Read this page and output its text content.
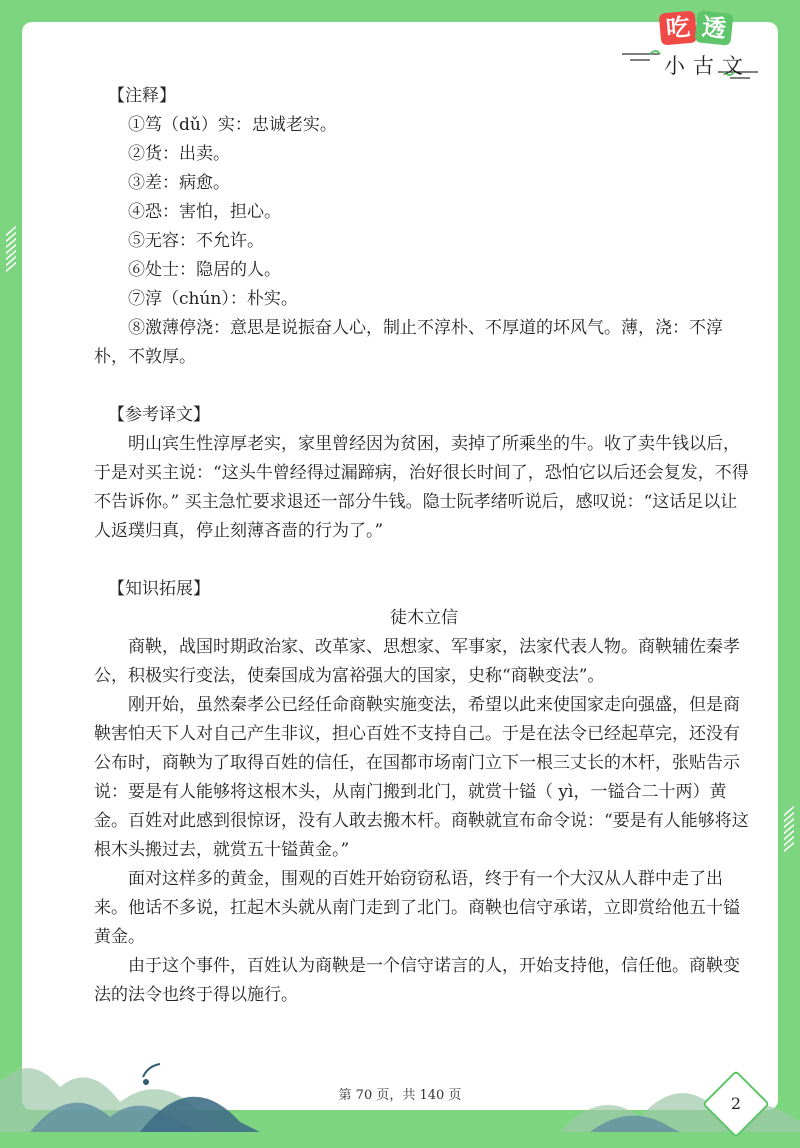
吃 透
小古文

【注释】

①笃（dǔ）实：忠诚老实。

②货：出卖。

③差：病愈。

④恐：害怕，担心。

⑤无容：不允许。

⑥处士：隐居的人。

⑦淳（chún）：朴实。

⑧激薄停浇：意思是说振奋人心，制止不淳朴、不厚道的坏风气。薄，浇：不淳朴，不敦厚。

【参考译文】

明山宾生性淳厚老实，家里曾经因为贫困，卖掉了所乘坐的牛。收了卖牛钱以后，于是对买主说：“这头牛曾经得过漏蹄病，治好很长时间了，恐怕它以后还会复发，不得不告诉你。” 买主急忙要求退还一部分牛钱。隐士阮孝绪听说后，感叹说：“这话足以让人返璞归真，停止刻薄吝啬的行为了。”

【知识拓展】

徒木立信

商鞅，战国时期政治家、改革家、思想家、军事家，法家代表人物。商鞅辅佐秦孝公，积极实行变法，使秦国成为富裕强大的国家，史称“商鞅变法”。

刚开始，虽然秦孝公已经任命商鞅实施变法，希望以此来使国家走向强盛，但是商鞅害怕天下人对自己产生非议，担心百姓不支持自己。于是在法令已经起草完，还没有公布时，商鞅为了取得百姓的信任，在国都市场南门立下一根三丈长的木杆，张贴告示说：要是有人能够将这根木头，从南门搬到北门，就赏十镒（ yì，一镒合二十两）黄金。百姓对此感到很惊讶，没有人敢去搬木杆。商鞅就宣布命令说：“要是有人能够将这根木头搬过去，就赏五十镒黄金。”

面对这样多的黄金，围观的百姓开始窃窃私语，终于有一个大汉从人群中走了出来。他话不多说，扛起木头就从南门走到了北门。商鞅也信守承诺，立即赏给他五十镒黄金。

由于这个事件，百姓认为商鞅是一个信守诺言的人，开始支持他，信任他。商鞅变法的法令也终于得以施行。

第 70 页，共 140 页	2
